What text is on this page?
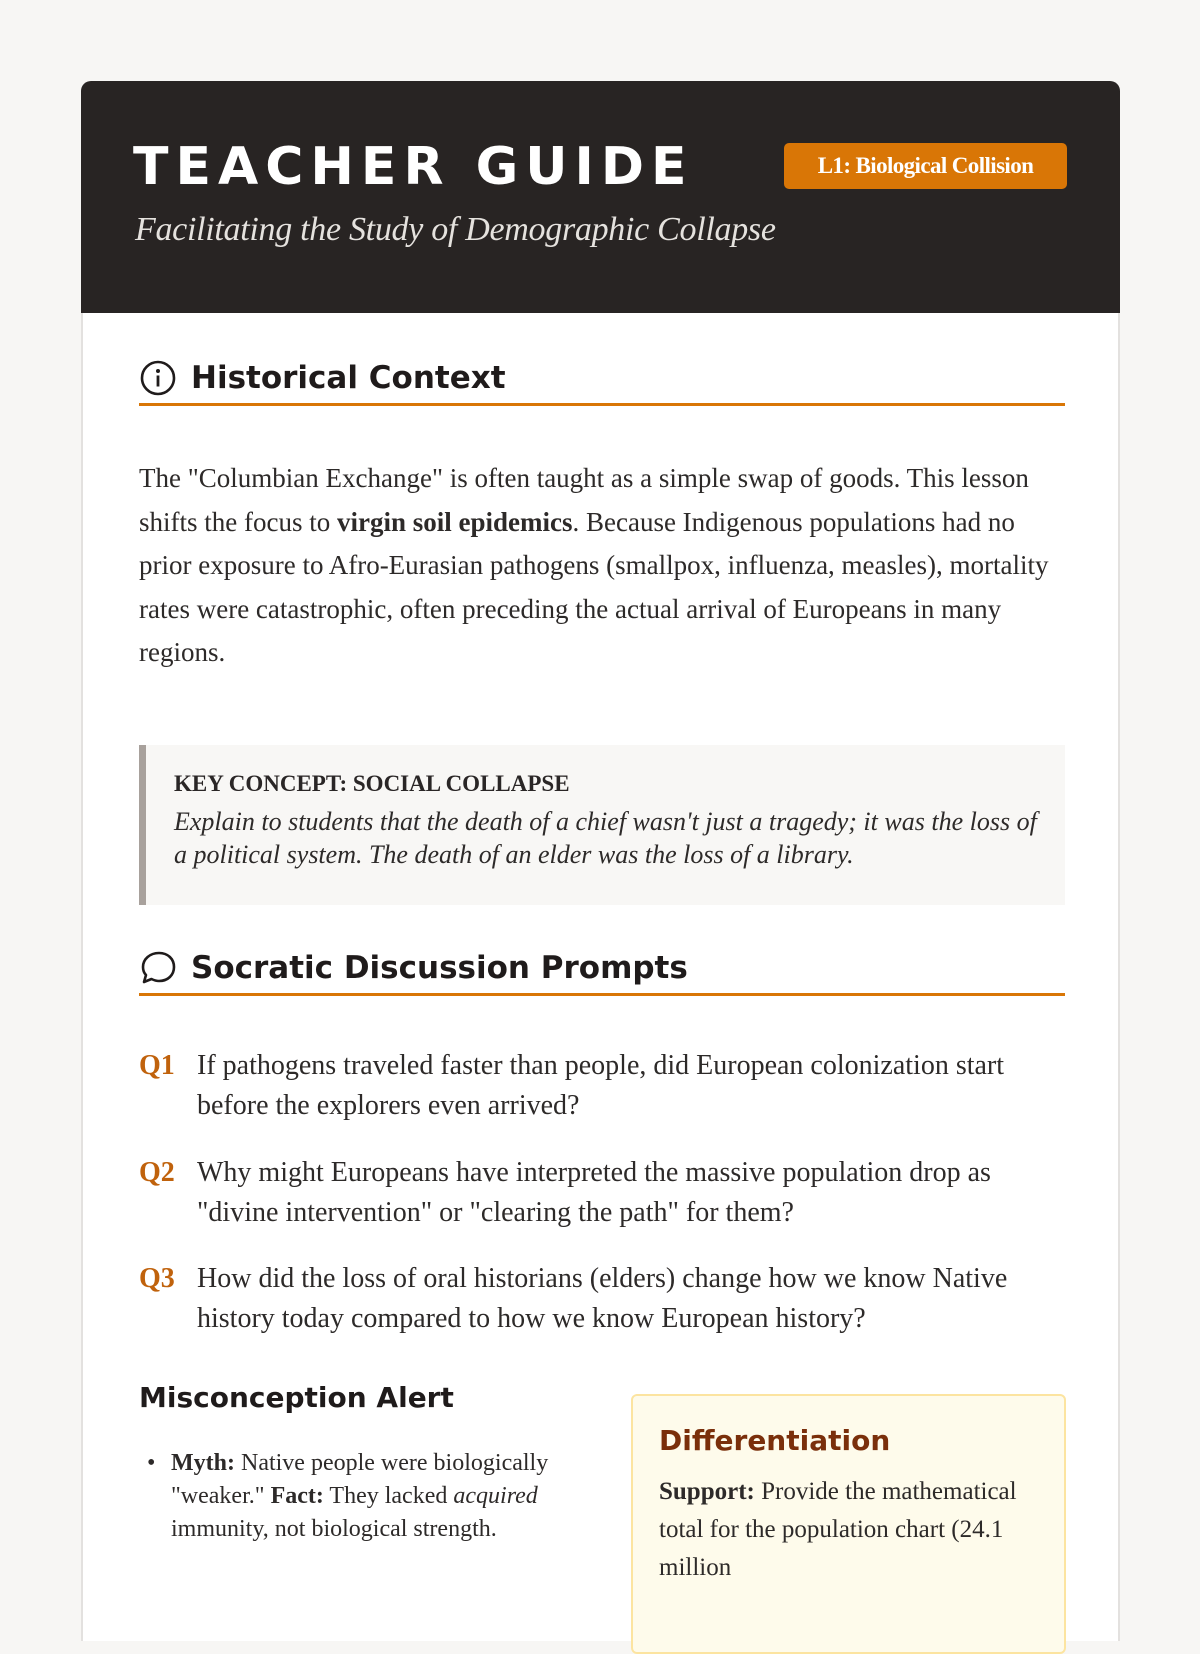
TEACHER GUIDE	L1: Biological Collision
Facilitating the Study of Demographic Collapse
Historical Context
The "Columbian Exchange" is often taught as a simple swap of goods. This lesson shifts the focus to virgin soil epidemics. Because Indigenous populations had no prior exposure to Afro-Eurasian pathogens (smallpox, influenza, measles), mortality rates were catastrophic, often preceding the actual arrival of Europeans in many regions.
KEY CONCEPT: SOCIAL COLLAPSE
Explain to students that the death of a chief wasn't just a tragedy; it was the loss of a political system. The death of an elder was the loss of a library.
Socratic Discussion Prompts
Q1 If pathogens traveled faster than people, did European colonization start before the explorers even arrived?
Q2 Why might Europeans have interpreted the massive population drop as "divine intervention" or "clearing the path" for them?
Q3 How did the loss of oral historians (elders) change how we know Native history today compared to how we know European history?
Misconception Alert
• Myth: Native people were biologically "weaker." Fact: They lacked acquired immunity, not biological strength.
Differentiation
Support: Provide the mathematical total for the population chart (24.1 million
